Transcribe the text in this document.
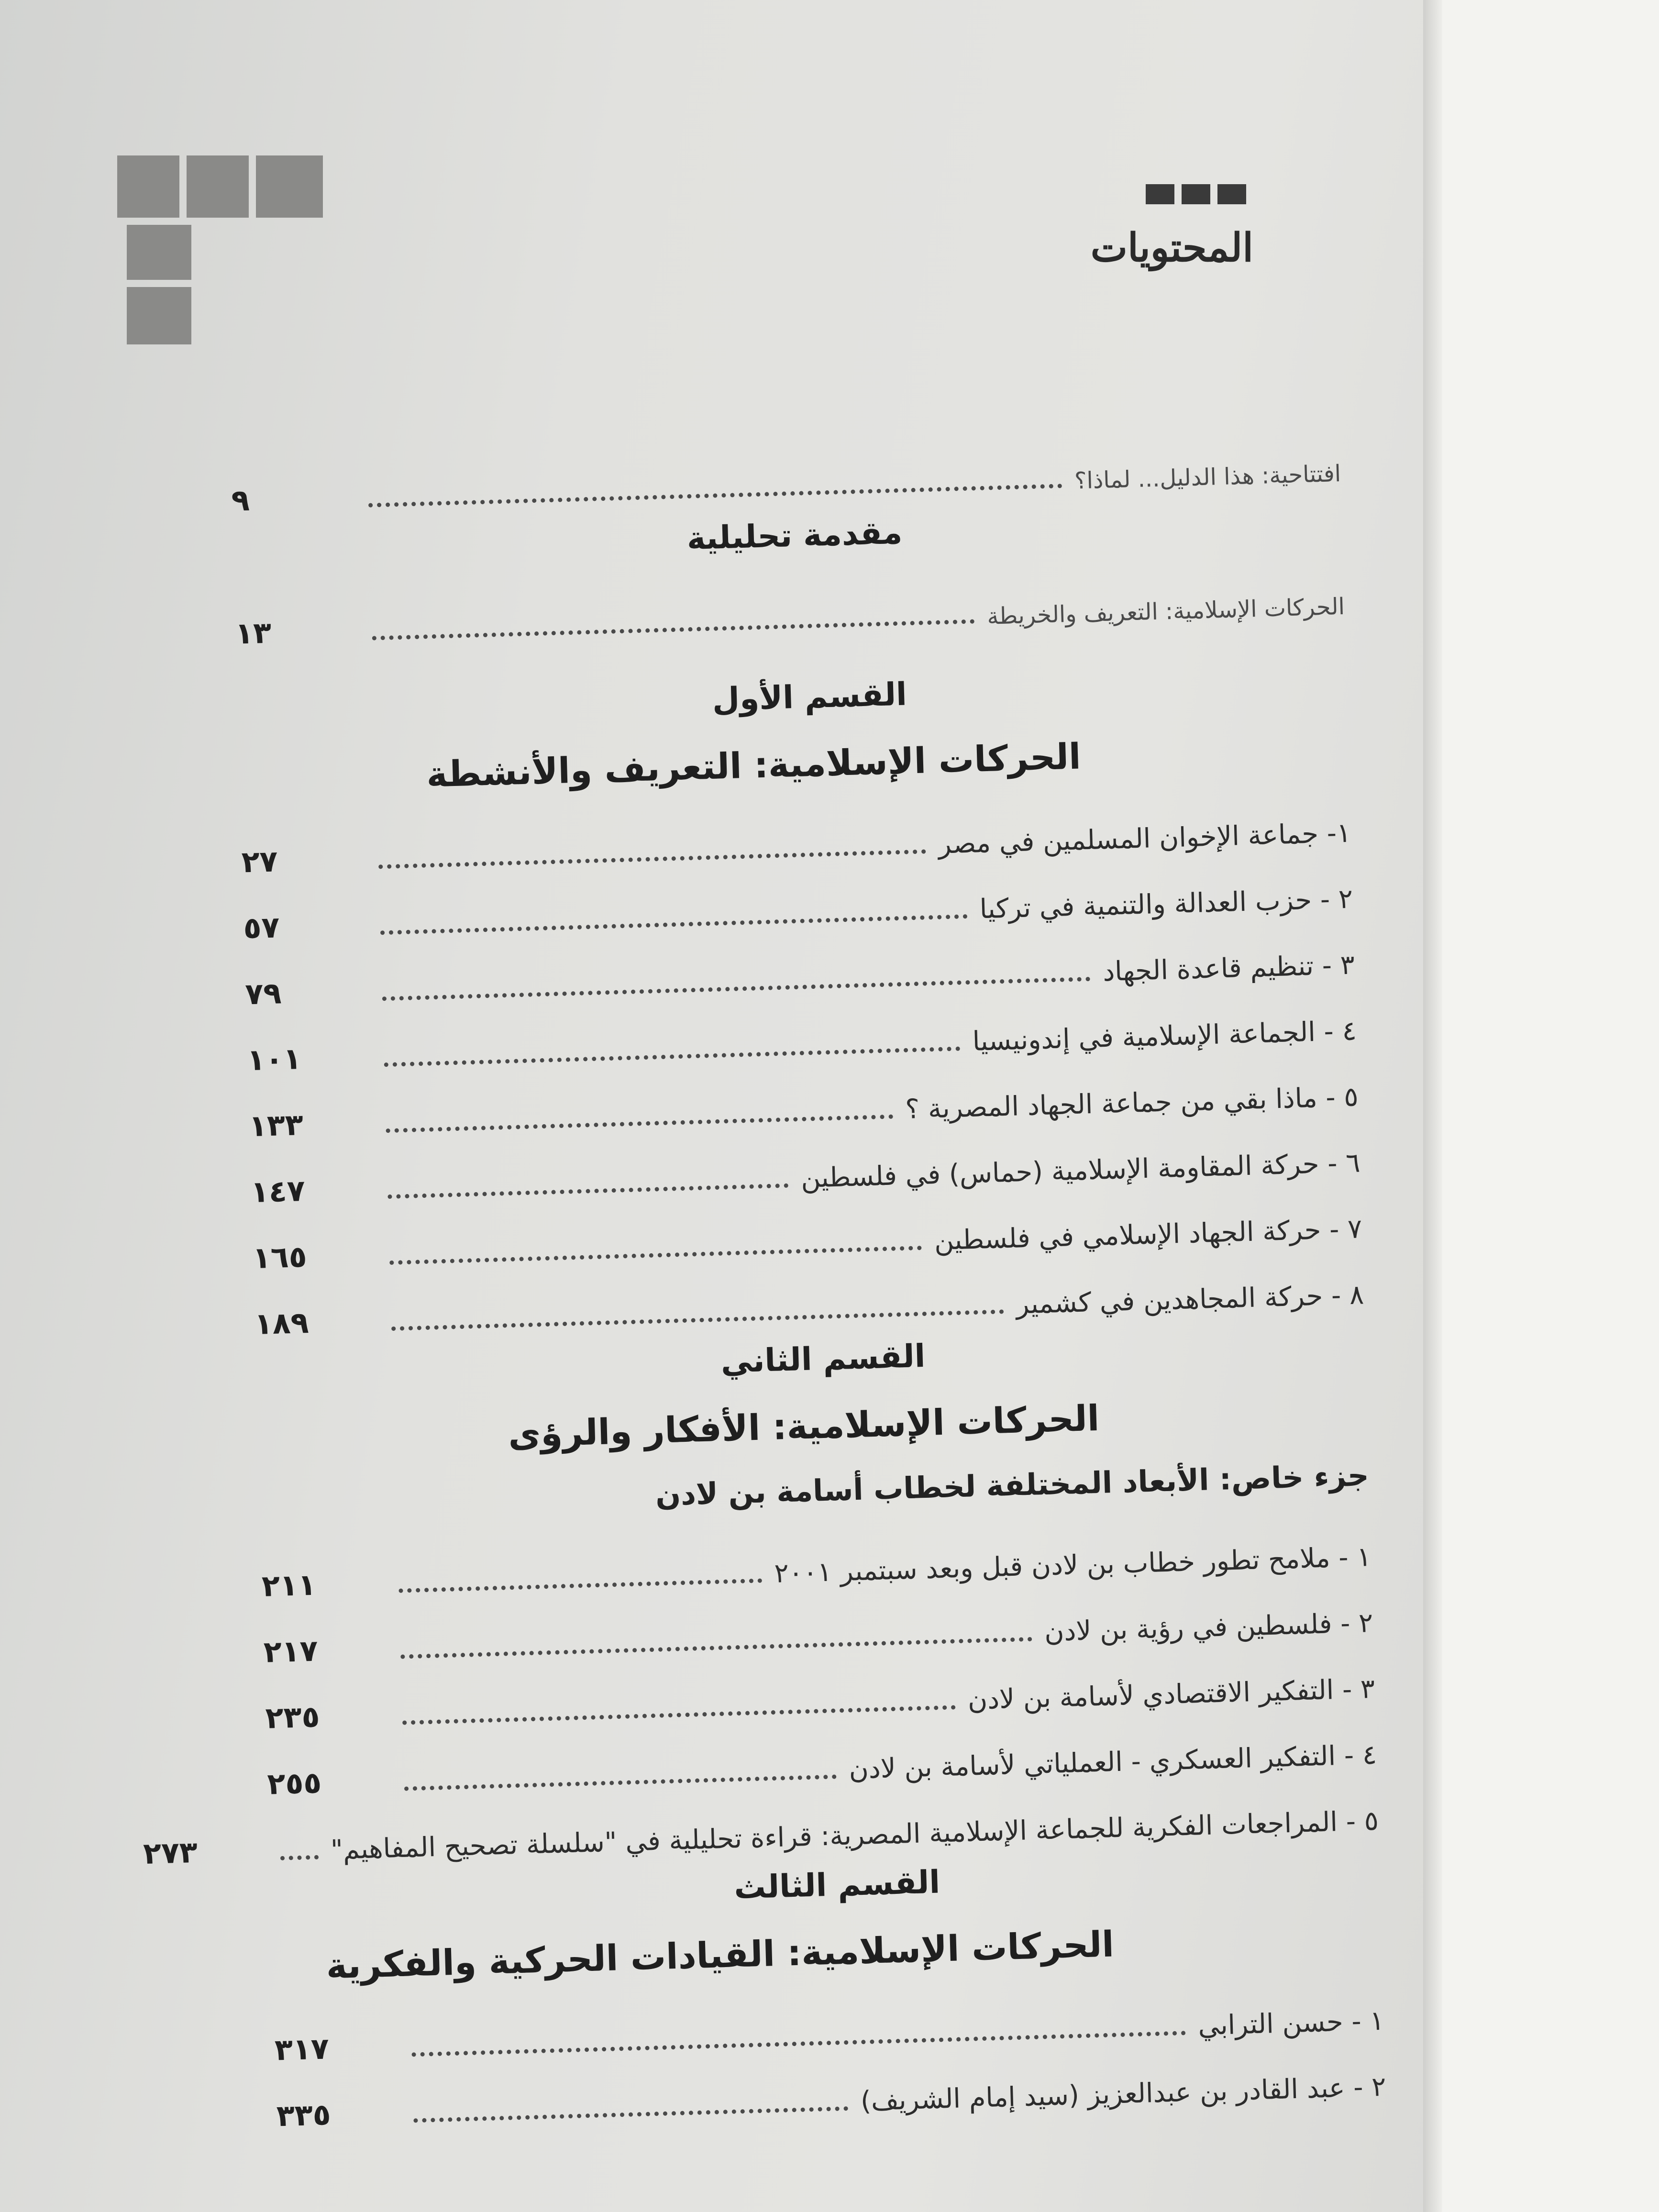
المحتويات
افتتاحية: هذا الدليل... لماذا؟
٩
مقدمة تحليلية
الحركات الإسلامية: التعريف والخريطة
١٣
القسم الأول
الحركات الإسلامية: التعريف والأنشطة
١- جماعة الإخوان المسلمين في مصر
٢٧
٢ - حزب العدالة والتنمية في تركيا
٥٧
٣ - تنظيم قاعدة الجهاد
٧٩
٤ - الجماعة الإسلامية في إندونيسيا
١٠١
٥ - ماذا بقي من جماعة الجهاد المصرية ؟
١٣٣
٦ - حركة المقاومة الإسلامية (حماس) في فلسطين
١٤٧
٧ - حركة الجهاد الإسلامي في فلسطين
١٦٥
٨ - حركة المجاهدين في كشمير
١٨٩
القسم الثاني
الحركات الإسلامية: الأفكار والرؤى
جزء خاص: الأبعاد المختلفة لخطاب أسامة بن لادن
١ - ملامح تطور خطاب بن لادن قبل وبعد سبتمبر ٢٠٠١
٢١١
٢ - فلسطين في رؤية بن لادن
٢١٧
٣ - التفكير الاقتصادي لأسامة بن لادن
٢٣٥
٤ - التفكير العسكري - العملياتي لأسامة بن لادن
٢٥٥
٥ - المراجعات الفكرية للجماعة الإسلامية المصرية: قراءة تحليلية في "سلسلة تصحيح المفاهيم"
٢٧٣
القسم الثالث
الحركات الإسلامية: القيادات الحركية والفكرية
١ - حسن الترابي
٣١٧
٢ - عبد القادر بن عبدالعزيز (سيد إمام الشريف)
٣٣٥
